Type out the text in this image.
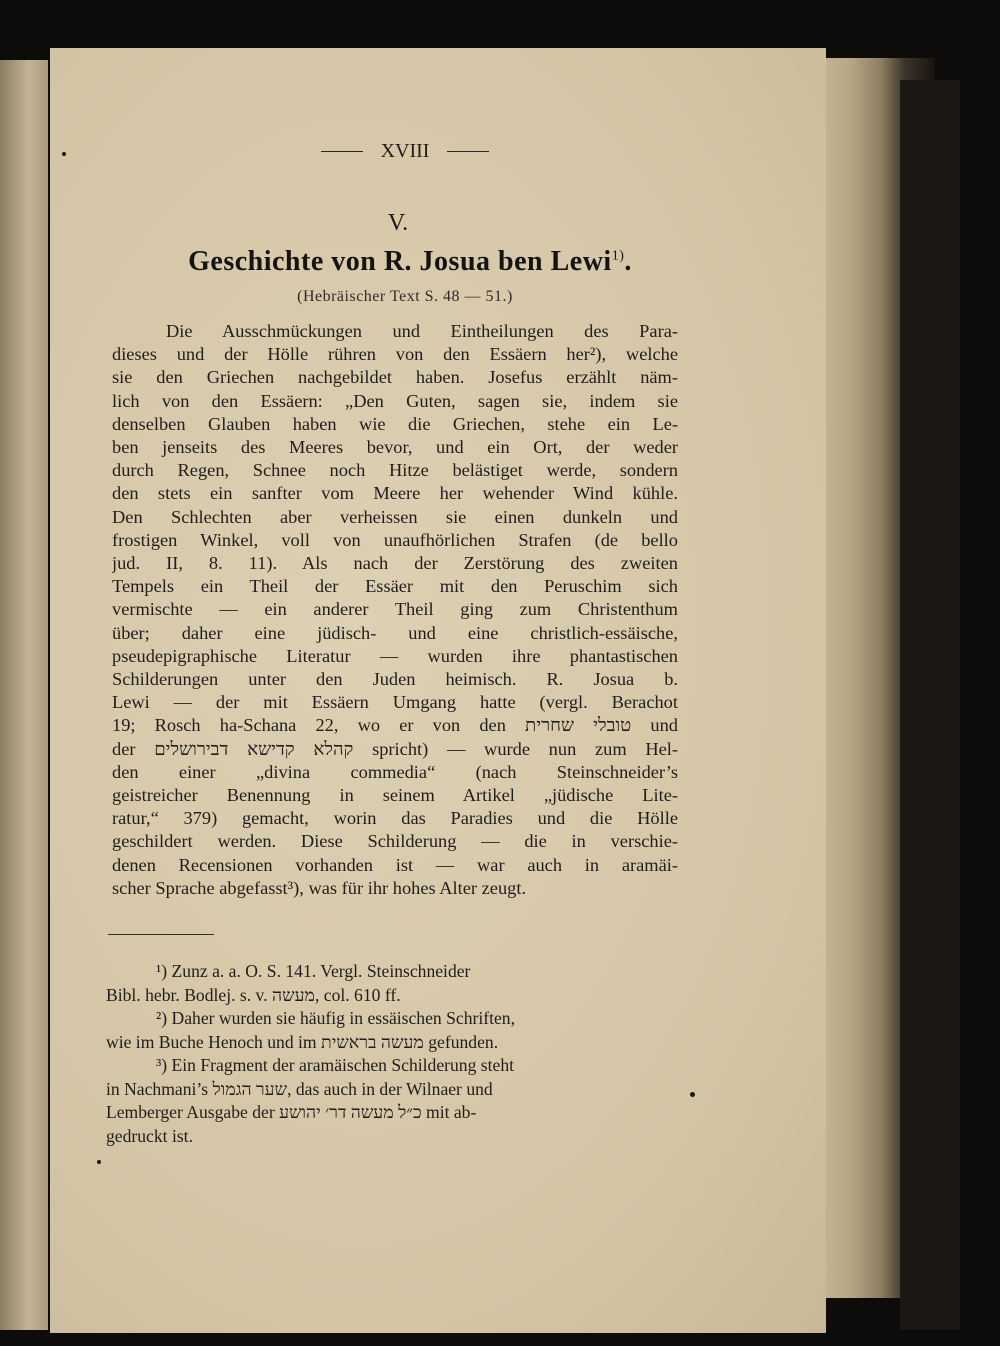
XVIII
V.
Geschichte von R. Josua ben Lewi$^{1)}$.
(Hebräischer Text S. 48 — 51.)
Die Ausschmückungen und Eintheilungen des Para-
dieses und der Hölle rühren von den Essäern her²), welche
sie den Griechen nachgebildet haben. Josefus erzählt näm-
lich von den Essäern: „Den Guten, sagen sie, indem sie
denselben Glauben haben wie die Griechen, stehe ein Le-
ben jenseits des Meeres bevor, und ein Ort, der weder
durch Regen, Schnee noch Hitze belästiget werde, sondern
den stets ein sanfter vom Meere her wehender Wind kühle.
Den Schlechten aber verheissen sie einen dunkeln und
frostigen Winkel, voll von unaufhörlichen Strafen (de bello
jud. II, 8. 11). Als nach der Zerstörung des zweiten
Tempels ein Theil der Essäer mit den Peruschim sich
vermischte — ein anderer Theil ging zum Christenthum
über; daher eine jüdisch- und eine christlich-essäische,
pseudepigraphische Literatur — wurden ihre phantastischen
Schilderungen unter den Juden heimisch. R. Josua b.
Lewi — der mit Essäern Umgang hatte (vergl. Berachot
19; Rosch ha-Schana 22, wo er von den טובלי שחרית und
der קהלא קדישא דבירושלים spricht) — wurde nun zum Hel-
den einer „divina commedia“ (nach Steinschneider’s
geistreicher Benennung in seinem Artikel „jüdische Lite-
ratur,“ 379) gemacht, worin das Paradies und die Hölle
geschildert werden. Diese Schilderung — die in verschie-
denen Recensionen vorhanden ist — war auch in aramäi-
scher Sprache abgefasst³), was für ihr hohes Alter zeugt.
¹) Zunz a. a. O. S. 141. Vergl. Steinschneider
Bibl. hebr. Bodlej. s. v. מעשה, col. 610 ff.
²) Daher wurden sie häufig in essäischen Schriften,
wie im Buche Henoch und im מעשה בראשית gefunden.
³) Ein Fragment der aramäischen Schilderung steht
in Nachmani’s שער הגמול, das auch in der Wilnaer und
Lemberger Ausgabe der כ״ל מעשה דר׳ יהושע mit ab-
gedruckt ist.
